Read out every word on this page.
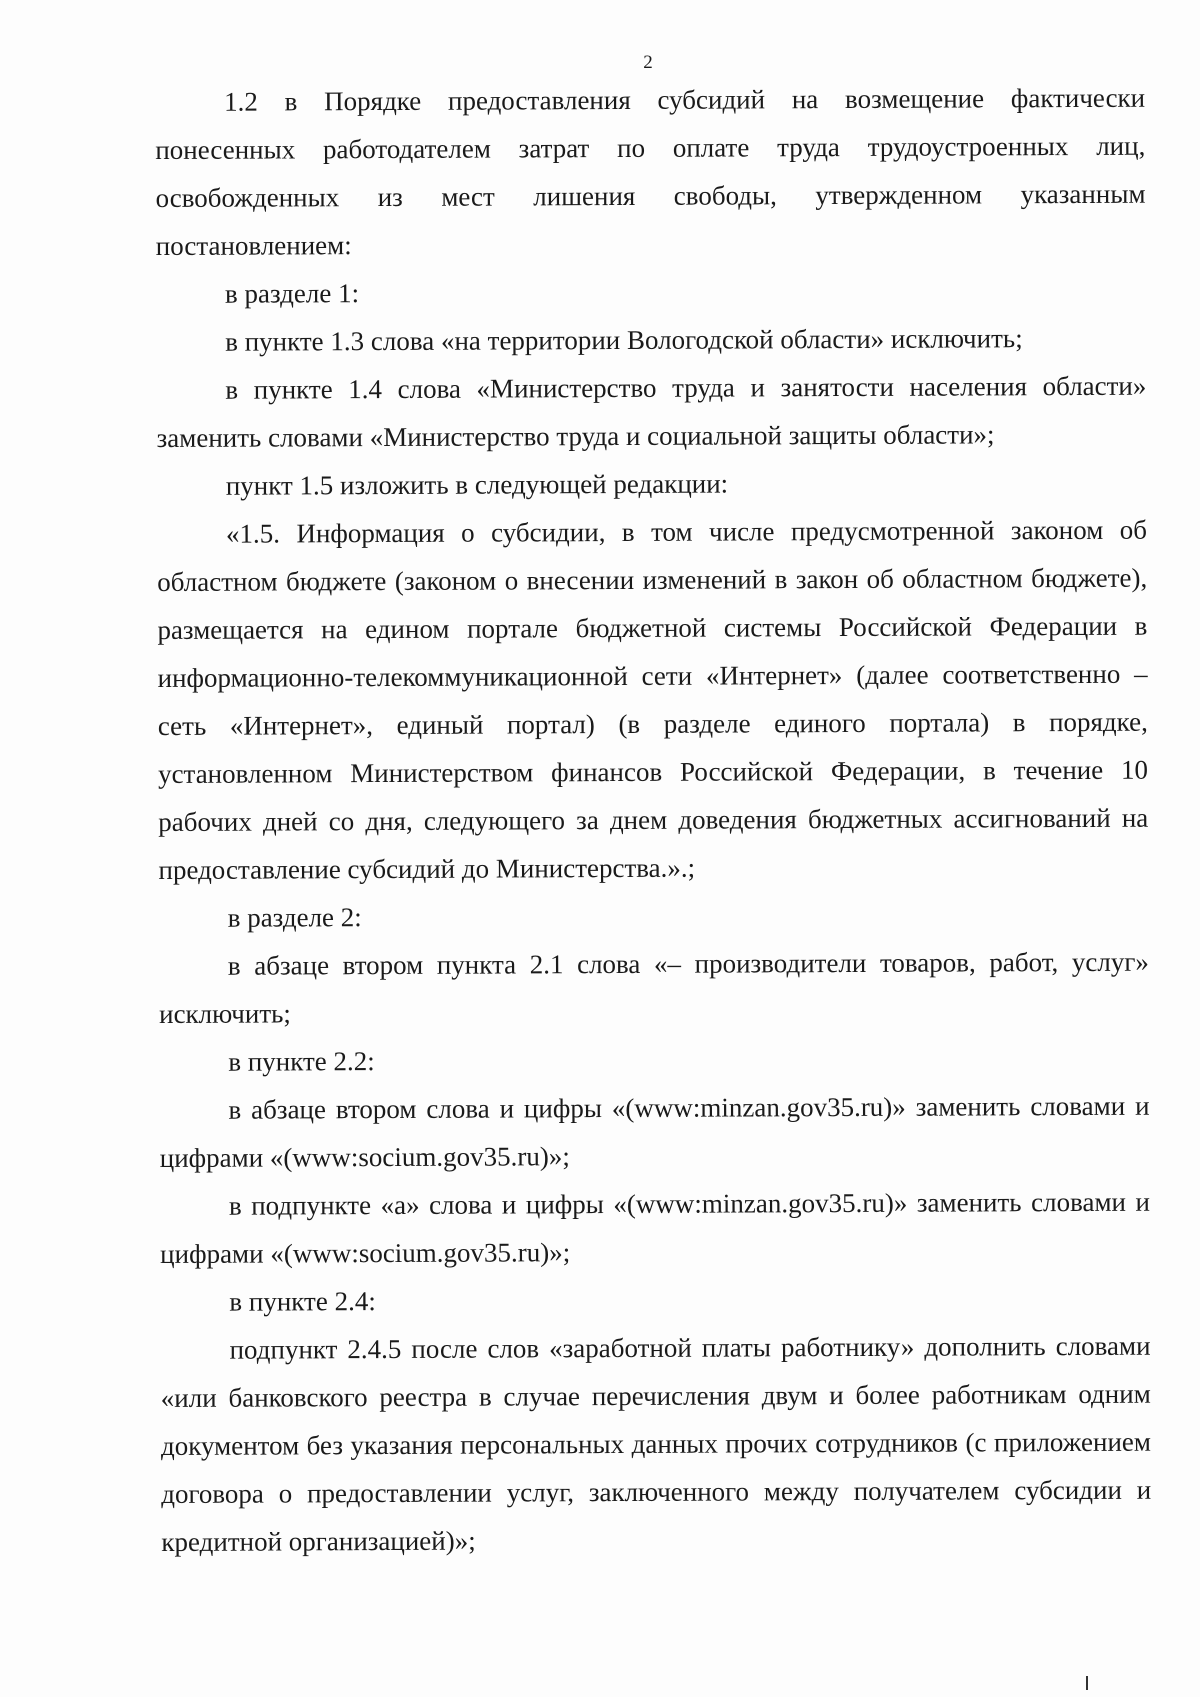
2

1.2 в Порядке предоставления субсидий на возмещение фактически понесенных работодателем затрат по оплате труда трудоустроенных лиц, освобожденных из мест лишения свободы, утвержденном указанным постановлением:

в разделе 1:

в пункте 1.3 слова «на территории Вологодской области» исключить;

в пункте 1.4 слова «Министерство труда и занятости населения области» заменить словами «Министерство труда и социальной защиты области»;

пункт 1.5 изложить в следующей редакции:

«1.5. Информация о субсидии, в том числе предусмотренной законом об областном бюджете (законом о внесении изменений в закон об областном бюджете), размещается на едином портале бюджетной системы Российской Федерации в информационно-телекоммуникационной сети «Интернет» (далее соответственно – сеть «Интернет», единый портал) (в разделе единого портала) в порядке, установленном Министерством финансов Российской Федерации, в течение 10 рабочих дней со дня, следующего за днем доведения бюджетных ассигнований на предоставление субсидий до Министерства.».;

в разделе 2:

в абзаце втором пункта 2.1 слова «– производители товаров, работ, услуг» исключить;

в пункте 2.2:

в абзаце втором слова и цифры «(www:minzan.gov35.ru)» заменить словами и цифрами «(www:socium.gov35.ru)»;

в подпункте «а» слова и цифры «(www:minzan.gov35.ru)» заменить словами и цифрами «(www:socium.gov35.ru)»;

в пункте 2.4:

подпункт 2.4.5 после слов «заработной платы работнику» дополнить словами «или банковского реестра в случае перечисления двум и более работникам одним документом без указания персональных данных прочих сотрудников (с приложением договора о предоставлении услуг, заключенного между получателем субсидии и кредитной организацией)»;
